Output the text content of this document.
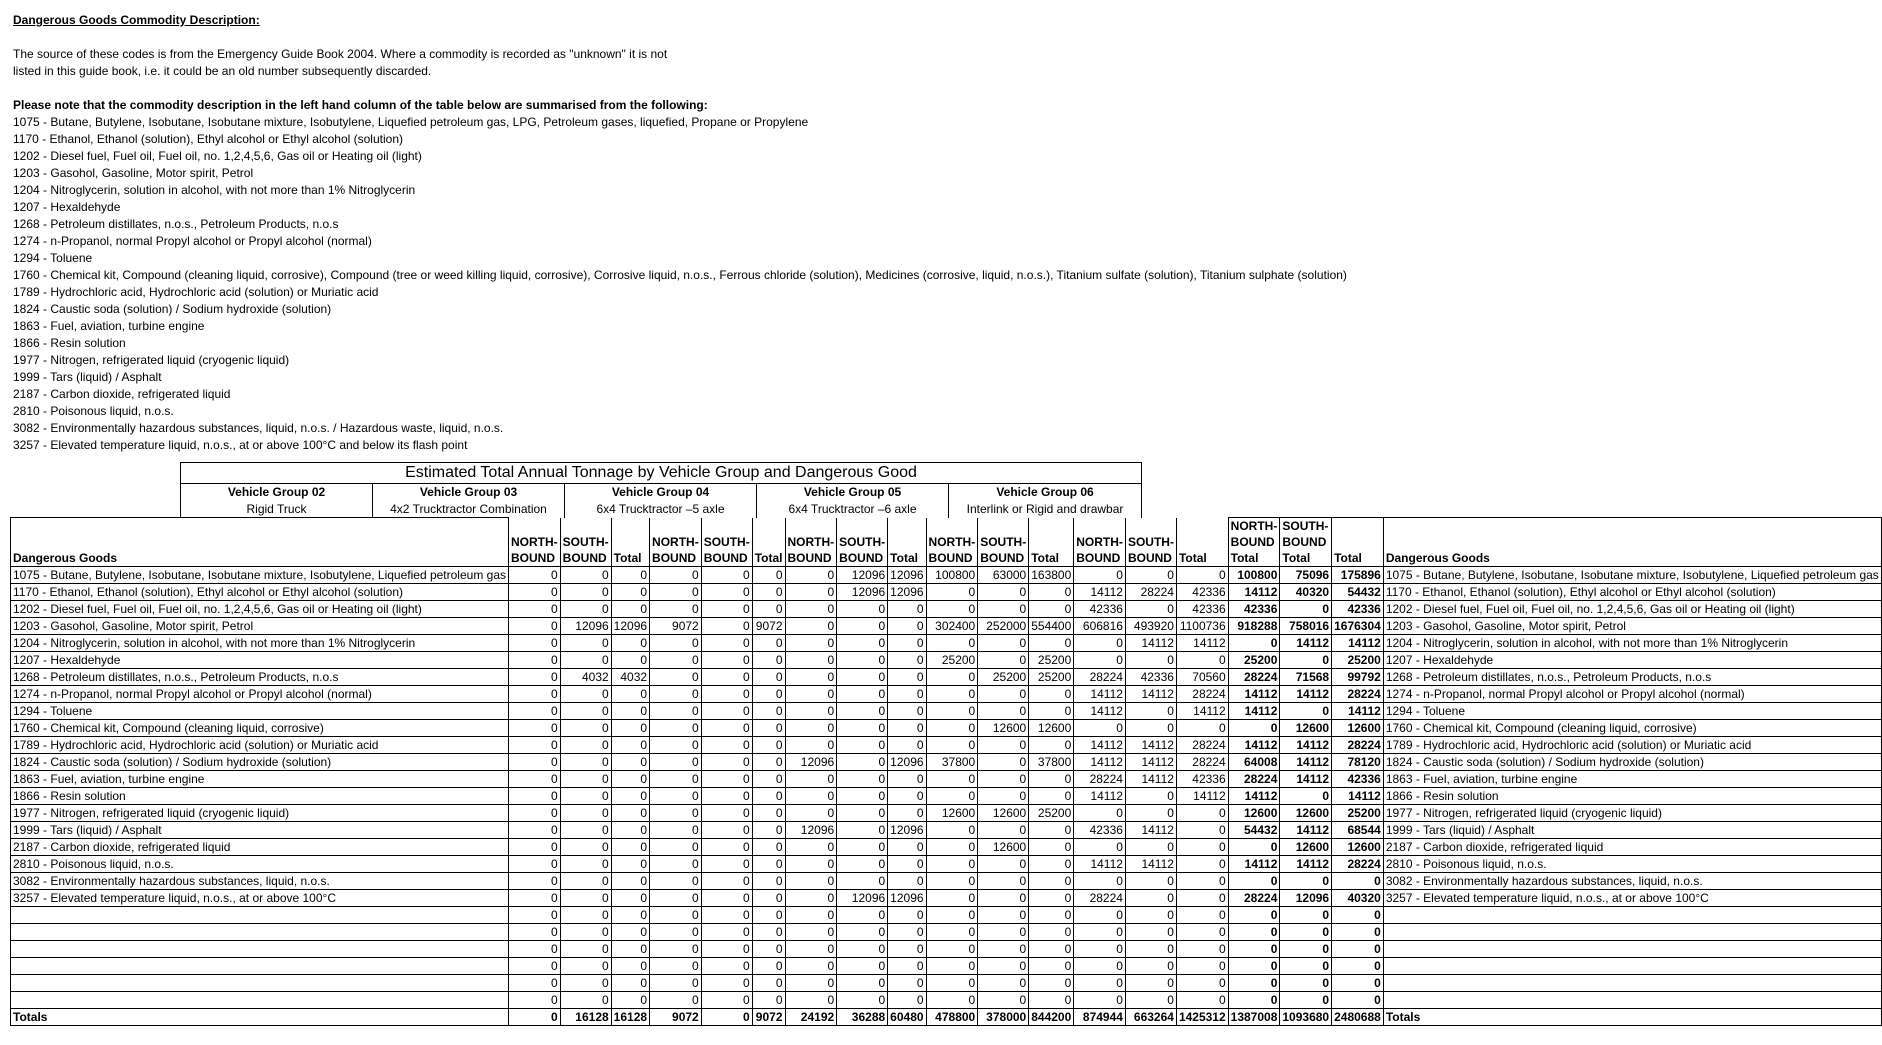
Dangerous Goods Commodity Description:
The source of these codes is from the Emergency Guide Book 2004. Where a commodity is recorded as "unknown" it is not
listed in this guide book, i.e. it could be an old number subsequently discarded.
Please note that the commodity description in the left hand column of the table below are summarised from the following:
1075 - Butane, Butylene, Isobutane, Isobutane mixture, Isobutylene, Liquefied petroleum gas, LPG, Petroleum gases, liquefied, Propane or Propylene
1170 - Ethanol, Ethanol (solution), Ethyl alcohol or Ethyl alcohol (solution)
1202 - Diesel fuel, Fuel oil, Fuel oil, no. 1,2,4,5,6, Gas oil or Heating oil (light)
1203 - Gasohol, Gasoline, Motor spirit, Petrol
1204 - Nitroglycerin, solution in alcohol, with not more than 1% Nitroglycerin
1207 - Hexaldehyde
1268 - Petroleum distillates, n.o.s., Petroleum Products, n.o.s
1274 - n-Propanol, normal Propyl alcohol or Propyl alcohol (normal)
1294 - Toluene
1760 - Chemical kit, Compound (cleaning liquid, corrosive), Compound (tree or weed killing liquid, corrosive), Corrosive liquid, n.o.s., Ferrous chloride (solution), Medicines (corrosive, liquid, n.o.s.), Titanium sulfate (solution), Titanium sulphate (solution)
1789 - Hydrochloric acid, Hydrochloric acid (solution) or Muriatic acid
1824 - Caustic soda (solution) / Sodium hydroxide (solution)
1863 - Fuel, aviation, turbine engine
1866 - Resin solution
1977 - Nitrogen, refrigerated liquid (cryogenic liquid)
1999 - Tars (liquid) / Asphalt
2187 - Carbon dioxide, refrigerated liquid
2810 - Poisonous liquid, n.o.s.
3082 - Environmentally hazardous substances, liquid, n.o.s. / Hazardous waste, liquid, n.o.s.
3257 - Elevated temperature liquid, n.o.s., at or above 100°C and below its flash point
Estimated Total Annual Tonnage by Vehicle Group and Dangerous Good				
Vehicle Group 02	Vehicle Group 03	Vehicle Group 04	Vehicle Group 05	Vehicle Group 06
Rigid Truck	4x2 Trucktractor Combination	6x4 Trucktractor –5 axle	6x4 Trucktractor –6 axle	Interlink or Rigid and drawbar
																NORTH-	SOUTH-		
	NORTH-	SOUTH-		NORTH-	SOUTH-		NORTH-	SOUTH-		NORTH-	SOUTH-		NORTH-	SOUTH-		BOUND	BOUND		
Dangerous Goods	BOUND	BOUND	Total	BOUND	BOUND	Total	BOUND	BOUND	Total	BOUND	BOUND	Total	BOUND	BOUND	Total	Total	Total	Total	Dangerous Goods
1075 - Butane, Butylene, Isobutane, Isobutane mixture, Isobutylene, Liquefied petroleum gas	0	0	0	0	0	0	0	12096	12096	100800	63000	163800	0	0	0	100800	75096	175896	1075 - Butane, Butylene, Isobutane, Isobutane mixture, Isobutylene, Liquefied petroleum gas
1170 - Ethanol, Ethanol (solution), Ethyl alcohol or Ethyl alcohol (solution)	0	0	0	0	0	0	0	12096	12096	0	0	0	14112	28224	42336	14112	40320	54432	1170 - Ethanol, Ethanol (solution), Ethyl alcohol or Ethyl alcohol (solution)
1202 - Diesel fuel, Fuel oil, Fuel oil, no. 1,2,4,5,6, Gas oil or Heating oil (light)	0	0	0	0	0	0	0	0	0	0	0	0	42336	0	42336	42336	0	42336	1202 - Diesel fuel, Fuel oil, Fuel oil, no. 1,2,4,5,6, Gas oil or Heating oil (light)
1203 - Gasohol, Gasoline, Motor spirit, Petrol	0	12096	12096	9072	0	9072	0	0	0	302400	252000	554400	606816	493920	1100736	918288	758016	1676304	1203 - Gasohol, Gasoline, Motor spirit, Petrol
1204 - Nitroglycerin, solution in alcohol, with not more than 1% Nitroglycerin	0	0	0	0	0	0	0	0	0	0	0	0	0	14112	14112	0	14112	14112	1204 - Nitroglycerin, solution in alcohol, with not more than 1% Nitroglycerin
1207 - Hexaldehyde	0	0	0	0	0	0	0	0	0	25200	0	25200	0	0	0	25200	0	25200	1207 - Hexaldehyde
1268 - Petroleum distillates, n.o.s., Petroleum Products, n.o.s	0	4032	4032	0	0	0	0	0	0	0	25200	25200	28224	42336	70560	28224	71568	99792	1268 - Petroleum distillates, n.o.s., Petroleum Products, n.o.s
1274 - n-Propanol, normal Propyl alcohol or Propyl alcohol (normal)	0	0	0	0	0	0	0	0	0	0	0	0	14112	14112	28224	14112	14112	28224	1274 - n-Propanol, normal Propyl alcohol or Propyl alcohol (normal)
1294 - Toluene	0	0	0	0	0	0	0	0	0	0	0	0	14112	0	14112	14112	0	14112	1294 - Toluene
1760 - Chemical kit, Compound (cleaning liquid, corrosive)	0	0	0	0	0	0	0	0	0	0	12600	12600	0	0	0	0	12600	12600	1760 - Chemical kit, Compound (cleaning liquid, corrosive)
1789 - Hydrochloric acid, Hydrochloric acid (solution) or Muriatic acid	0	0	0	0	0	0	0	0	0	0	0	0	14112	14112	28224	14112	14112	28224	1789 - Hydrochloric acid, Hydrochloric acid (solution) or Muriatic acid
1824 - Caustic soda (solution) / Sodium hydroxide (solution)	0	0	0	0	0	0	12096	0	12096	37800	0	37800	14112	14112	28224	64008	14112	78120	1824 - Caustic soda (solution) / Sodium hydroxide (solution)
1863 - Fuel, aviation, turbine engine	0	0	0	0	0	0	0	0	0	0	0	0	28224	14112	42336	28224	14112	42336	1863 - Fuel, aviation, turbine engine
1866 - Resin solution	0	0	0	0	0	0	0	0	0	0	0	0	14112	0	14112	14112	0	14112	1866 - Resin solution
1977 - Nitrogen, refrigerated liquid (cryogenic liquid)	0	0	0	0	0	0	0	0	0	12600	12600	25200	0	0	0	12600	12600	25200	1977 - Nitrogen, refrigerated liquid (cryogenic liquid)
1999 - Tars (liquid) / Asphalt	0	0	0	0	0	0	12096	0	12096	0	0	0	42336	14112	0	54432	14112	68544	1999 - Tars (liquid) / Asphalt
2187 - Carbon dioxide, refrigerated liquid	0	0	0	0	0	0	0	0	0	0	12600	0	0	0	0	0	12600	12600	2187 - Carbon dioxide, refrigerated liquid
2810 - Poisonous liquid, n.o.s.	0	0	0	0	0	0	0	0	0	0	0	0	14112	14112	0	14112	14112	28224	2810 - Poisonous liquid, n.o.s.
3082 - Environmentally hazardous substances, liquid, n.o.s.	0	0	0	0	0	0	0	0	0	0	0	0	0	0	0	0	0	0	3082 - Environmentally hazardous substances, liquid, n.o.s.
3257 - Elevated temperature liquid, n.o.s., at or above 100°C	0	0	0	0	0	0	0	12096	12096	0	0	0	28224	0	0	28224	12096	40320	3257 - Elevated temperature liquid, n.o.s., at or above 100°C
	0	0	0	0	0	0	0	0	0	0	0	0	0	0	0	0	0	0	
	0	0	0	0	0	0	0	0	0	0	0	0	0	0	0	0	0	0	
	0	0	0	0	0	0	0	0	0	0	0	0	0	0	0	0	0	0	
	0	0	0	0	0	0	0	0	0	0	0	0	0	0	0	0	0	0	
	0	0	0	0	0	0	0	0	0	0	0	0	0	0	0	0	0	0	
	0	0	0	0	0	0	0	0	0	0	0	0	0	0	0	0	0	0	
Totals	0	16128	16128	9072	0	9072	24192	36288	60480	478800	378000	844200	874944	663264	1425312	1387008	1093680	2480688	Totals
